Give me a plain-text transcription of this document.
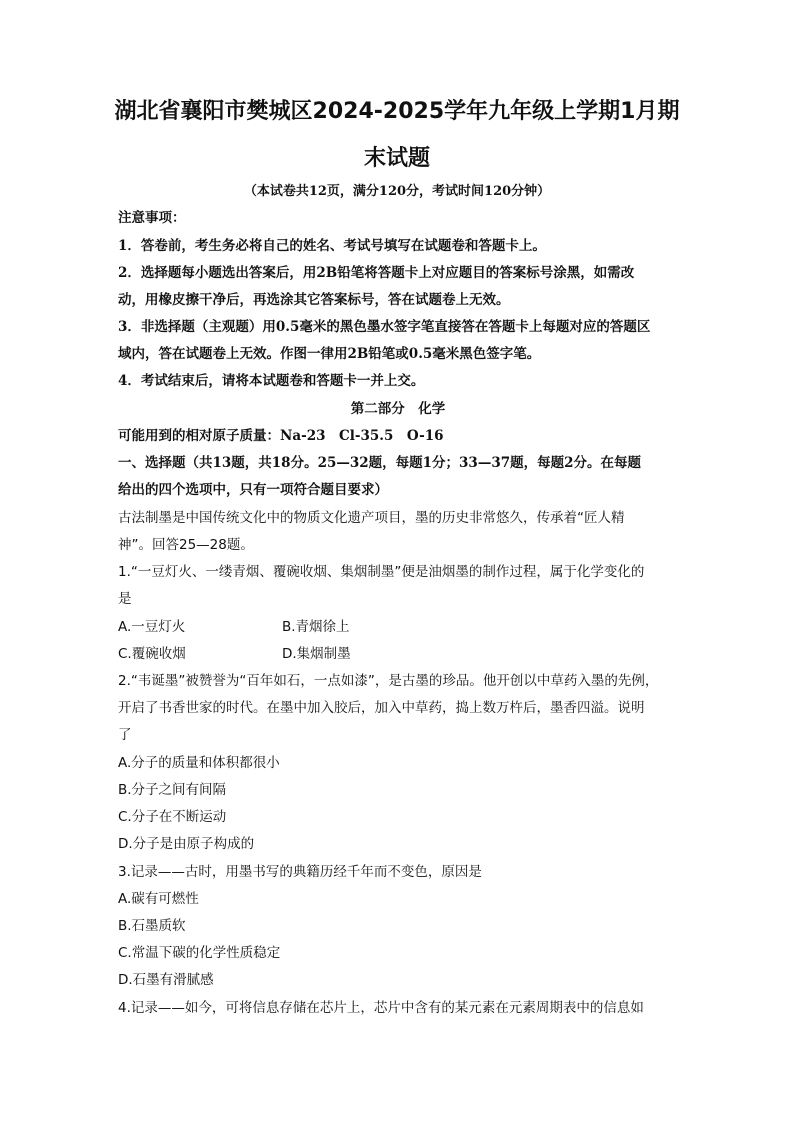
湖北省襄阳市樊城区2024-2025学年九年级上学期1月期
末试题
（本试卷共12页，满分120分，考试时间120分钟）
注意事项：
1．答卷前，考生务必将自己的姓名、考试号填写在试题卷和答题卡上。
2．选择题每小题选出答案后，用2B铅笔将答题卡上对应题目的答案标号涂黑，如需改
动，用橡皮擦干净后，再选涂其它答案标号，答在试题卷上无效。
3．非选择题（主观题）用0.5毫米的黑色墨水签字笔直接答在答题卡上每题对应的答题区
域内，答在试题卷上无效。作图一律用2B铅笔或0.5毫米黑色签字笔。
4．考试结束后，请将本试题卷和答题卡一并上交。
第二部分　化学
可能用到的相对原子质量：Na-23　Cl-35.5　O-16
一、选择题（共13题，共18分。25—32题，每题1分；33—37题，每题2分。在每题
给出的四个选项中，只有一项符合题目要求）
古法制墨是中国传统文化中的物质文化遗产项目，墨的历史非常悠久，传承着“匠人精
神”。回答25—28题。
1.“一豆灯火、一缕青烟、覆碗收烟、集烟制墨”便是油烟墨的制作过程，属于化学变化的
是
A.一豆灯火	B.青烟徐上
C.覆碗收烟	D.集烟制墨
2.“韦诞墨”被赞誉为“百年如石，一点如漆”，是古墨的珍品。他开创以中草药入墨的先例，
开启了书香世家的时代。在墨中加入胶后，加入中草药，捣上数万杵后，墨香四溢。说明
了
A.分子的质量和体积都很小
B.分子之间有间隔
C.分子在不断运动
D.分子是由原子构成的
3.记录——古时，用墨书写的典籍历经千年而不变色，原因是
A.碳有可燃性
B.石墨质软
C.常温下碳的化学性质稳定
D.石墨有滑腻感
4.记录——如今，可将信息存储在芯片上，芯片中含有的某元素在元素周期表中的信息如
